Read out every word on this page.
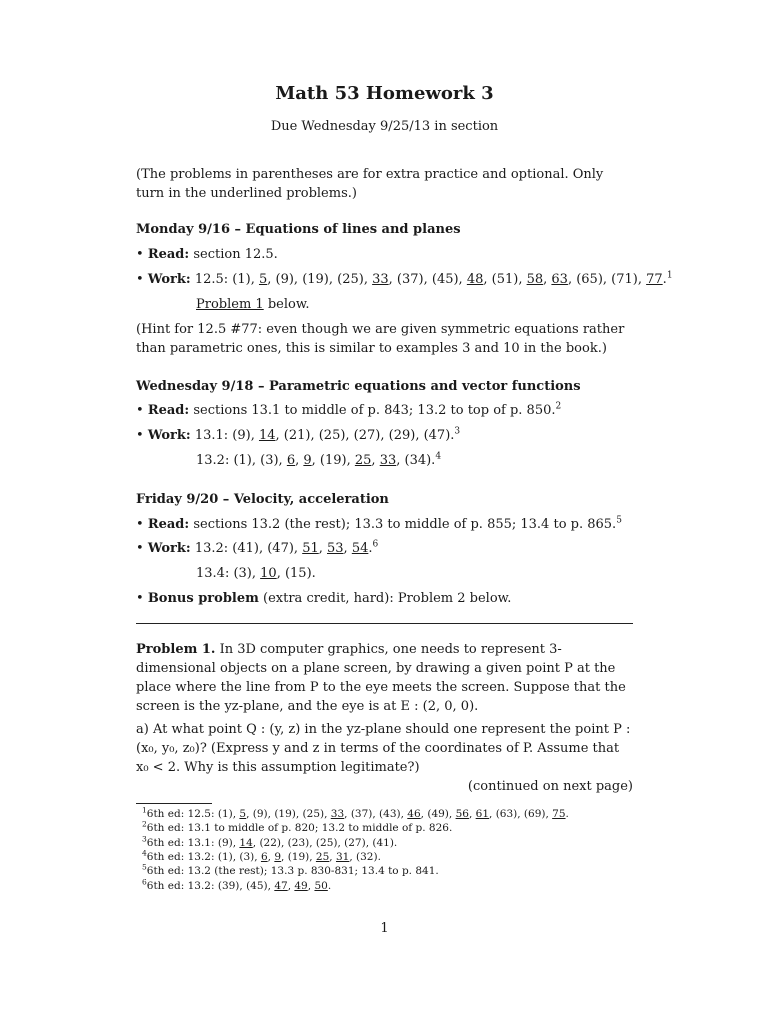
Math 53 Homework 3
Due Wednesday 9/25/13 in section
(The problems in parentheses are for extra practice and optional. Only turn in the underlined problems.)
Monday 9/16 – Equations of lines and planes
• Read: section 12.5.
• Work: 12.5: (1), 5, (9), (19), (25), 33, (37), (45), 48, (51), 58, 63, (65), (71), 77.$^1$
Problem 1 below.
(Hint for 12.5 #77: even though we are given symmetric equations rather than parametric ones, this is similar to examples 3 and 10 in the book.)
Wednesday 9/18 – Parametric equations and vector functions
• Read: sections 13.1 to middle of p. 843; 13.2 to top of p. 850.$^2$
• Work: 13.1: (9), 14, (21), (25), (27), (29), (47).$^3$
13.2: (1), (3), 6, 9, (19), 25, 33, (34).$^4$
Friday 9/20 – Velocity, acceleration
• Read: sections 13.2 (the rest); 13.3 to middle of p. 855; 13.4 to p. 865.$^5$
• Work: 13.2: (41), (47), 51, 53, 54.$^6$
13.4: (3), 10, (15).
• Bonus problem (extra credit, hard): Problem 2 below.
Problem 1. In 3D computer graphics, one needs to represent 3-dimensional objects on a plane screen, by drawing a given point P at the place where the line from P to the eye meets the screen. Suppose that the screen is the yz-plane, and the eye is at E : (2, 0, 0).
a) At what point Q : (y, z) in the yz-plane should one represent the point P : (x₀, y₀, z₀)? (Express y and z in terms of the coordinates of P. Assume that x₀ < 2. Why is this assumption legitimate?)
(continued on next page)
$^1$6th ed: 12.5: (1), 5, (9), (19), (25), 33, (37), (43), 46, (49), 56, 61, (63), (69), 75.
$^2$6th ed: 13.1 to middle of p. 820; 13.2 to middle of p. 826.
$^3$6th ed: 13.1: (9), 14, (22), (23), (25), (27), (41).
$^4$6th ed: 13.2: (1), (3), 6, 9, (19), 25, 31, (32).
$^5$6th ed: 13.2 (the rest); 13.3 p. 830-831; 13.4 to p. 841.
$^6$6th ed: 13.2: (39), (45), 47, 49, 50.
1
